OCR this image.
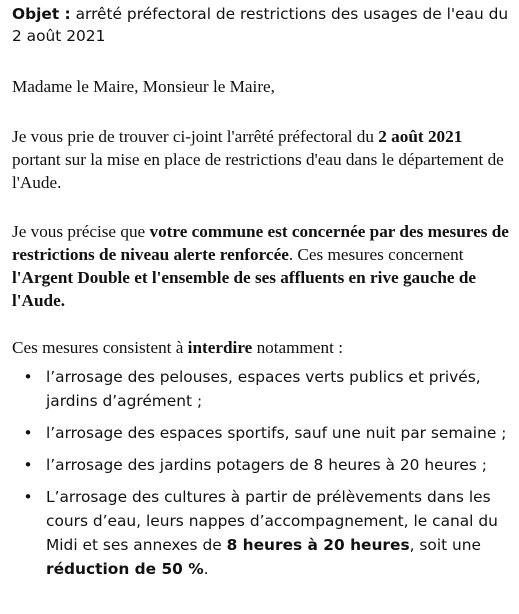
Objet : arrêté préfectoral de restrictions des usages de l'eau du 2 août 2021

Madame le Maire, Monsieur le Maire,

Je vous prie de trouver ci-joint l'arrêté préfectoral du 2 août 2021 portant sur la mise en place de restrictions d'eau dans le département de l'Aude.

Je vous précise que votre commune est concernée par des mesures de restrictions de niveau alerte renforcée. Ces mesures concernent l'Argent Double et l'ensemble de ses affluents en rive gauche de l'Aude.

Ces mesures consistent à interdire notamment :

• l’arrosage des pelouses, espaces verts publics et privés, jardins d’agrément ;
• l’arrosage des espaces sportifs, sauf une nuit par semaine ;
• l’arrosage des jardins potagers de 8 heures à 20 heures ;
• L’arrosage des cultures à partir de prélèvements dans les cours d’eau, leurs nappes d’accompagnement, le canal du Midi et ses annexes de 8 heures à 20 heures, soit une réduction de 50 %.
